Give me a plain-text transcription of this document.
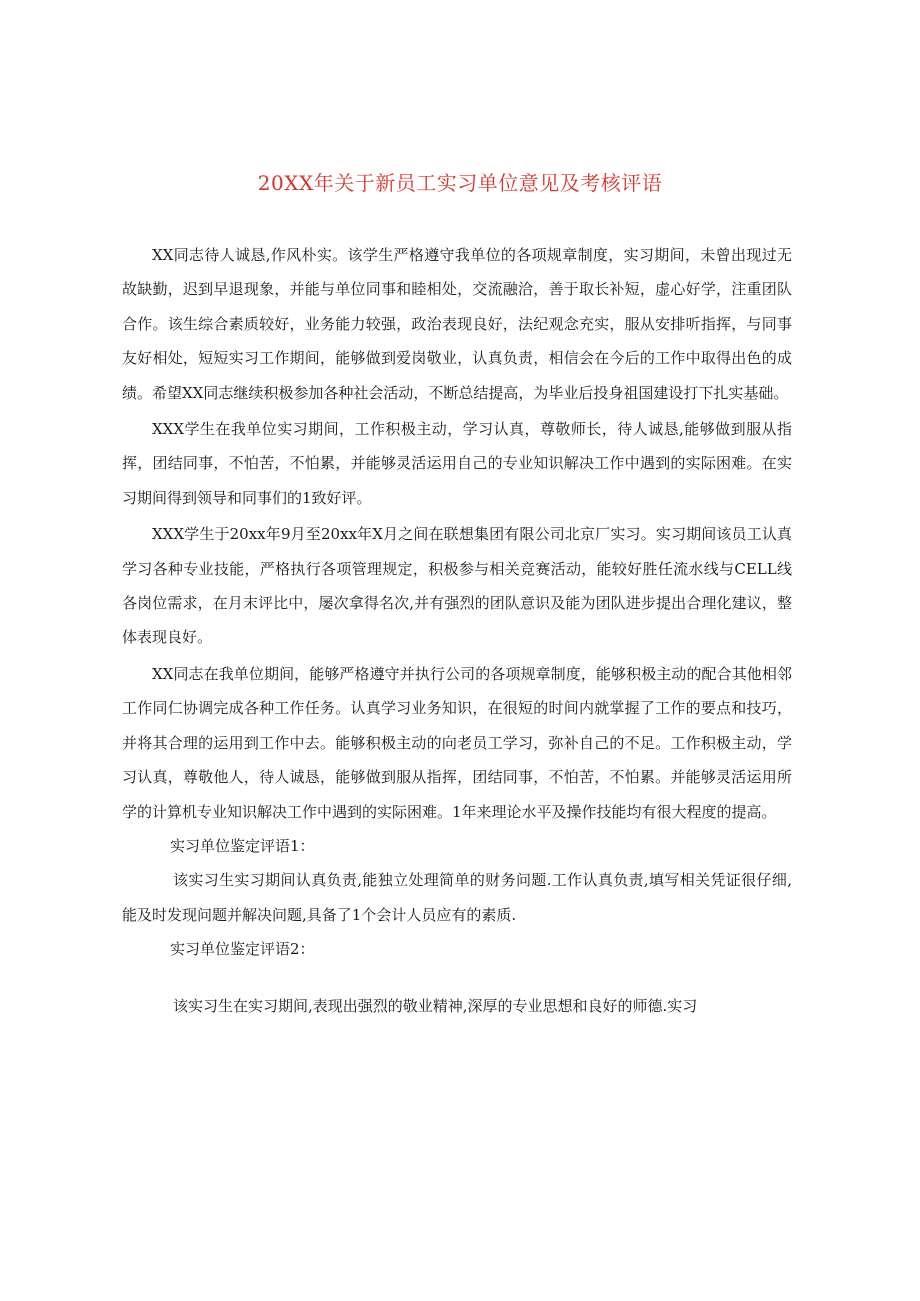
20XX年关于新员工实习单位意见及考核评语

XX同志待人诚恳,作风朴实。该学生严格遵守我单位的各项规章制度，实习期间，未曾出现过无故缺勤，迟到早退现象，并能与单位同事和睦相处，交流融洽，善于取长补短，虚心好学，注重团队合作。该生综合素质较好，业务能力较强，政治表现良好，法纪观念充实，服从安排听指挥，与同事友好相处，短短实习工作期间，能够做到爱岗敬业，认真负责，相信会在今后的工作中取得出色的成绩。希望XX同志继续积极参加各种社会活动，不断总结提高，为毕业后投身祖国建设打下扎实基础。

XXX学生在我单位实习期间，工作积极主动，学习认真，尊敬师长，待人诚恳,能够做到服从指挥，团结同事，不怕苦，不怕累，并能够灵活运用自己的专业知识解决工作中遇到的实际困难。在实习期间得到领导和同事们的1致好评。

XXX学生于20xx年9月至20xx年X月之间在联想集团有限公司北京厂实习。实习期间该员工认真学习各种专业技能，严格执行各项管理规定，积极参与相关竞赛活动，能较好胜任流水线与CELL线各岗位需求，在月末评比中，屡次拿得名次,并有强烈的团队意识及能为团队进步提出合理化建议，整体表现良好。

XX同志在我单位期间，能够严格遵守并执行公司的各项规章制度，能够积极主动的配合其他相邻工作同仁协调完成各种工作任务。认真学习业务知识，在很短的时间内就掌握了工作的要点和技巧，并将其合理的运用到工作中去。能够积极主动的向老员工学习，弥补自己的不足。工作积极主动，学习认真，尊敬他人，待人诚恳，能够做到服从指挥，团结同事，不怕苦，不怕累。并能够灵活运用所学的计算机专业知识解决工作中遇到的实际困难。1年来理论水平及操作技能均有很大程度的提高。

实习单位鉴定评语1：

该实习生实习期间认真负责,能独立处理简单的财务问题.工作认真负责,填写相关凭证很仔细,能及时发现问题并解决问题,具备了1个会计人员应有的素质.

实习单位鉴定评语2：

该实习生在实习期间,表现出强烈的敬业精神,深厚的专业思想和良好的师德.实习
